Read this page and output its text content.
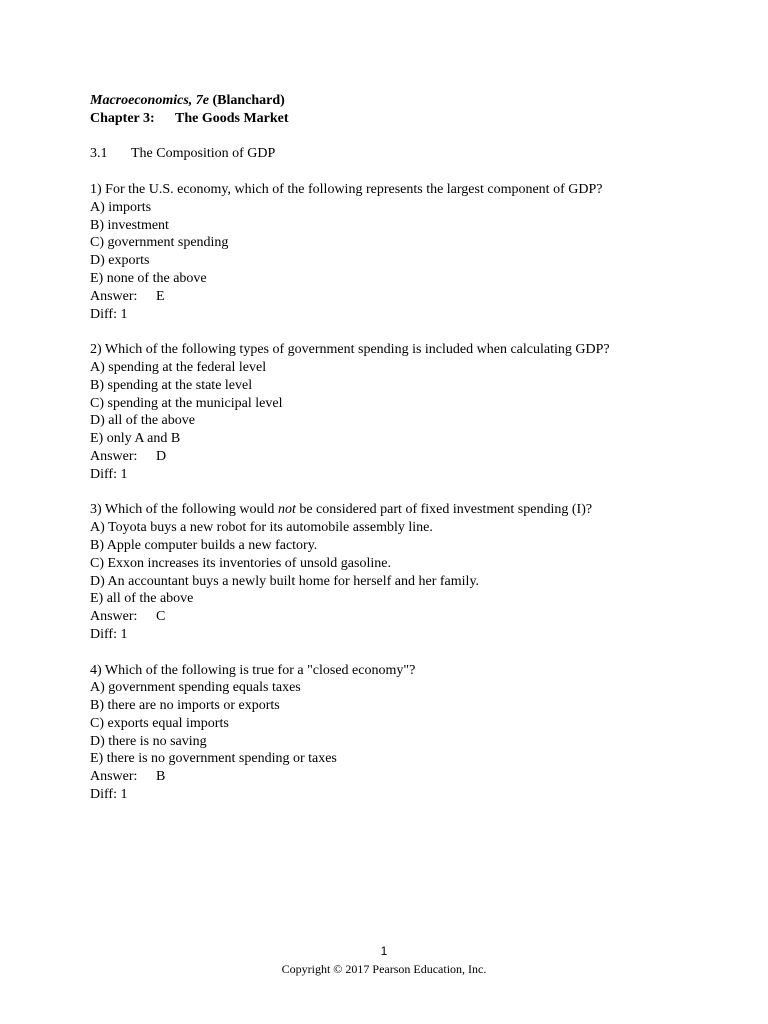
Macroeconomics, 7e (Blanchard)
Chapter 3: The Goods Market
3.1 The Composition of GDP
1) For the U.S. economy, which of the following represents the largest component of GDP?
A) imports
B) investment
C) government spending
D) exports
E) none of the above
Answer: E
Diff: 1
2) Which of the following types of government spending is included when calculating GDP?
A) spending at the federal level
B) spending at the state level
C) spending at the municipal level
D) all of the above
E) only A and B
Answer: D
Diff: 1
3) Which of the following would not be considered part of fixed investment spending (I)?
A) Toyota buys a new robot for its automobile assembly line.
B) Apple computer builds a new factory.
C) Exxon increases its inventories of unsold gasoline.
D) An accountant buys a newly built home for herself and her family.
E) all of the above
Answer: C
Diff: 1
4) Which of the following is true for a "closed economy"?
A) government spending equals taxes
B) there are no imports or exports
C) exports equal imports
D) there is no saving
E) there is no government spending or taxes
Answer: B
Diff: 1
1
Copyright © 2017 Pearson Education, Inc.
